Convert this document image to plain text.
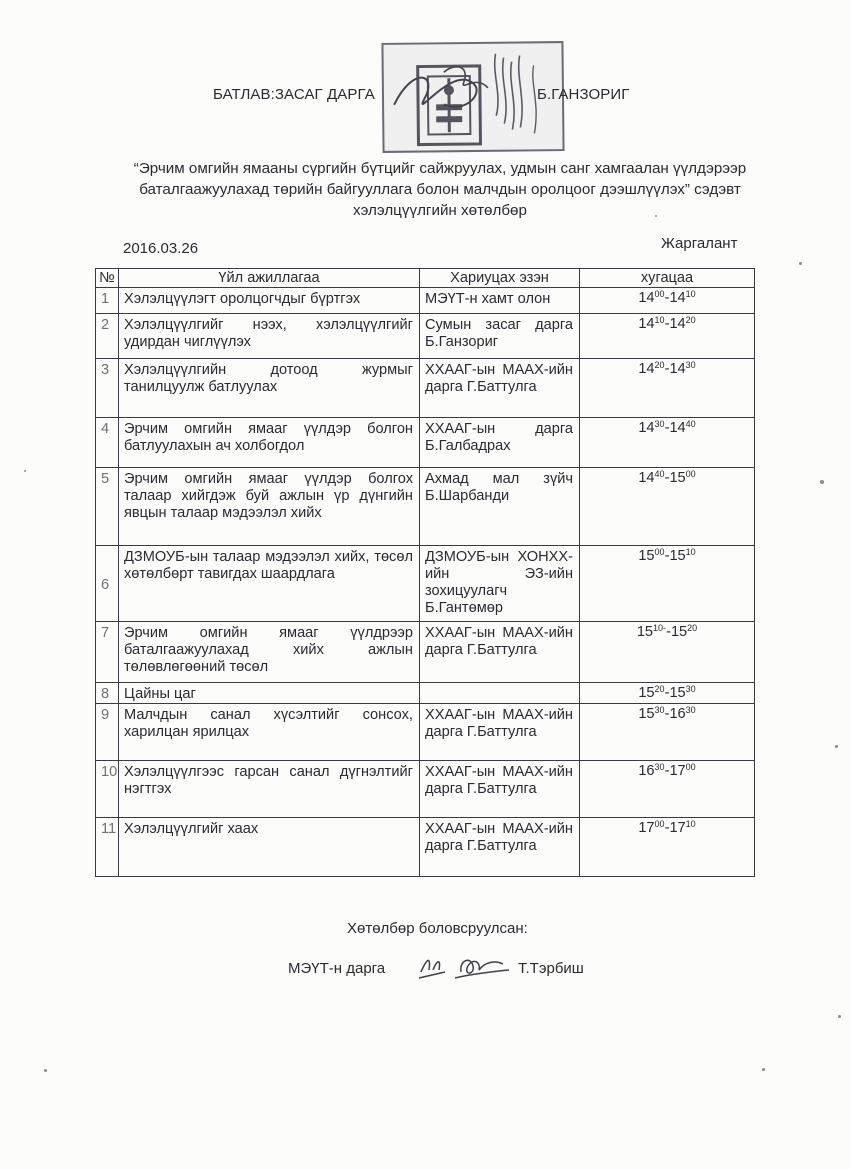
БАТЛАВ:ЗАСАГ ДАРГА	Б.ГАНЗОРИГ
“Эрчим омгийн ямааны сүргийн бүтцийг сайжруулах, удмын санг хамгаалан үүлдэрээр баталгаажуулахад төрийн байгууллага болон малчдын оролцоог дээшлүүлэх” сэдэвт хэлэлцүүлгийн хөтөлбөр
2016.03.26	Жаргалант
№	Үйл ажиллагаа	Хариуцах эзэн	хугацаа
1	Хэлэлцүүлэгт оролцогчдыг бүртгэх	МЭҮТ-н хамт олон	$14^{00}-14^{10}$
2	Хэлэлцүүлгийг нээх, хэлэлцүүлгийг удирдан чиглүүлэх	Сумын засаг дарга Б.Ганзориг	$14^{10}-14^{20}$
3	Хэлэлцүүлгийн дотоод журмыг танилцуулж батлуулах	ХХААГ-ын МААХ-ийн дарга Г.Баттулга	$14^{20}-14^{30}$
4	Эрчим омгийн ямааг үүлдэр болгон батлуулахын ач холбогдол	ХХААГ-ын дарга Б.Галбадрах	$14^{30}-14^{40}$
5	Эрчим омгийн ямааг үүлдэр болгох талаар хийгдэж буй ажлын үр дүнгийн явцын талаар мэдээлэл хийх	Ахмад мал зүйч Б.Шарбанди	$14^{40}-15^{00}$
6	ДЗМОУБ-ын талаар мэдээлэл хийх, төсөл хөтөлбөрт тавигдах шаардлага	ДЗМОУБ-ын ХОНХХ-ийн ЭЗ-ийн зохицуулагч Б.Гантөмөр	$15^{00}-15^{10}$
7	Эрчим омгийн ямааг үүлдрээр баталгаажуулахад хийх ажлын төлөвлөгөөний төсөл	ХХААГ-ын МААХ-ийн дарга Г.Баттулга	$15^{10-}-15^{20}$
8	Цайны цаг		$15^{20}-15^{30}$
9	Малчдын санал хүсэлтийг сонсох, харилцан ярилцах	ХХААГ-ын МААХ-ийн дарга Г.Баттулга	$15^{30}-16^{30}$
10	Хэлэлцүүлгээс гарсан санал дүгнэлтийг нэгтгэх	ХХААГ-ын МААХ-ийн дарга Г.Баттулга	$16^{30}-17^{00}$
11	Хэлэлцүүлгийг хаах	ХХААГ-ын МААХ-ийн дарга Г.Баттулга	$17^{00}-17^{10}$
Хөтөлбөр боловсруулсан:
МЭҮТ-н дарга	Т.Тэрбиш
